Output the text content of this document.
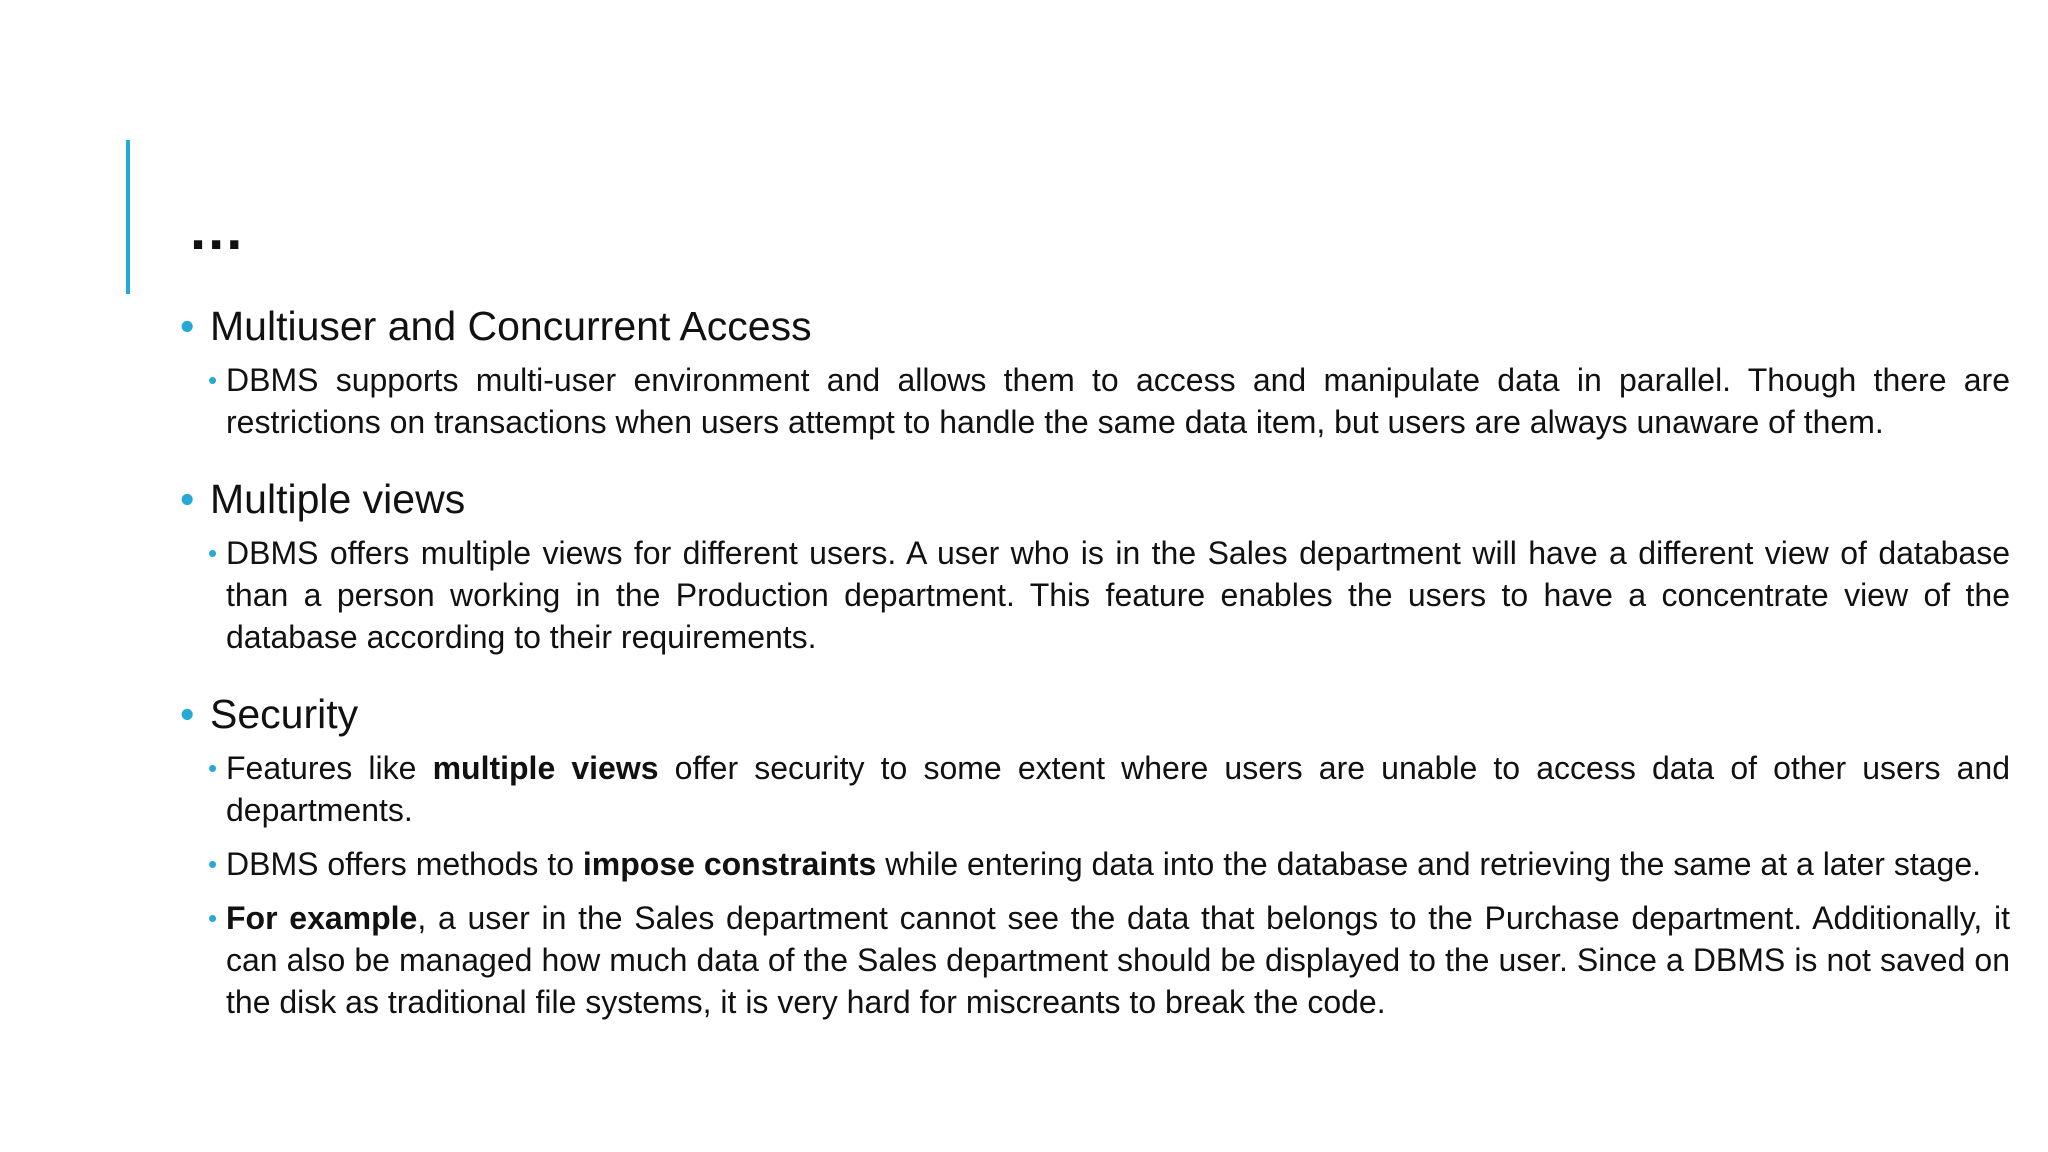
...

• Multiuser and Concurrent Access

• DBMS supports multi-user environment and allows them to access and manipulate data in parallel. Though there are restrictions on transactions when users attempt to handle the same data item, but users are always unaware of them.

• Multiple views

• DBMS offers multiple views for different users. A user who is in the Sales department will have a different view of database than a person working in the Production department. This feature enables the users to have a concentrate view of the database according to their requirements.

• Security

• Features like multiple views offer security to some extent where users are unable to access data of other users and departments.

• DBMS offers methods to impose constraints while entering data into the database and retrieving the same at a later stage.

• For example, a user in the Sales department cannot see the data that belongs to the Purchase department. Additionally, it can also be managed how much data of the Sales department should be displayed to the user. Since a DBMS is not saved on the disk as traditional file systems, it is very hard for miscreants to break the code.
